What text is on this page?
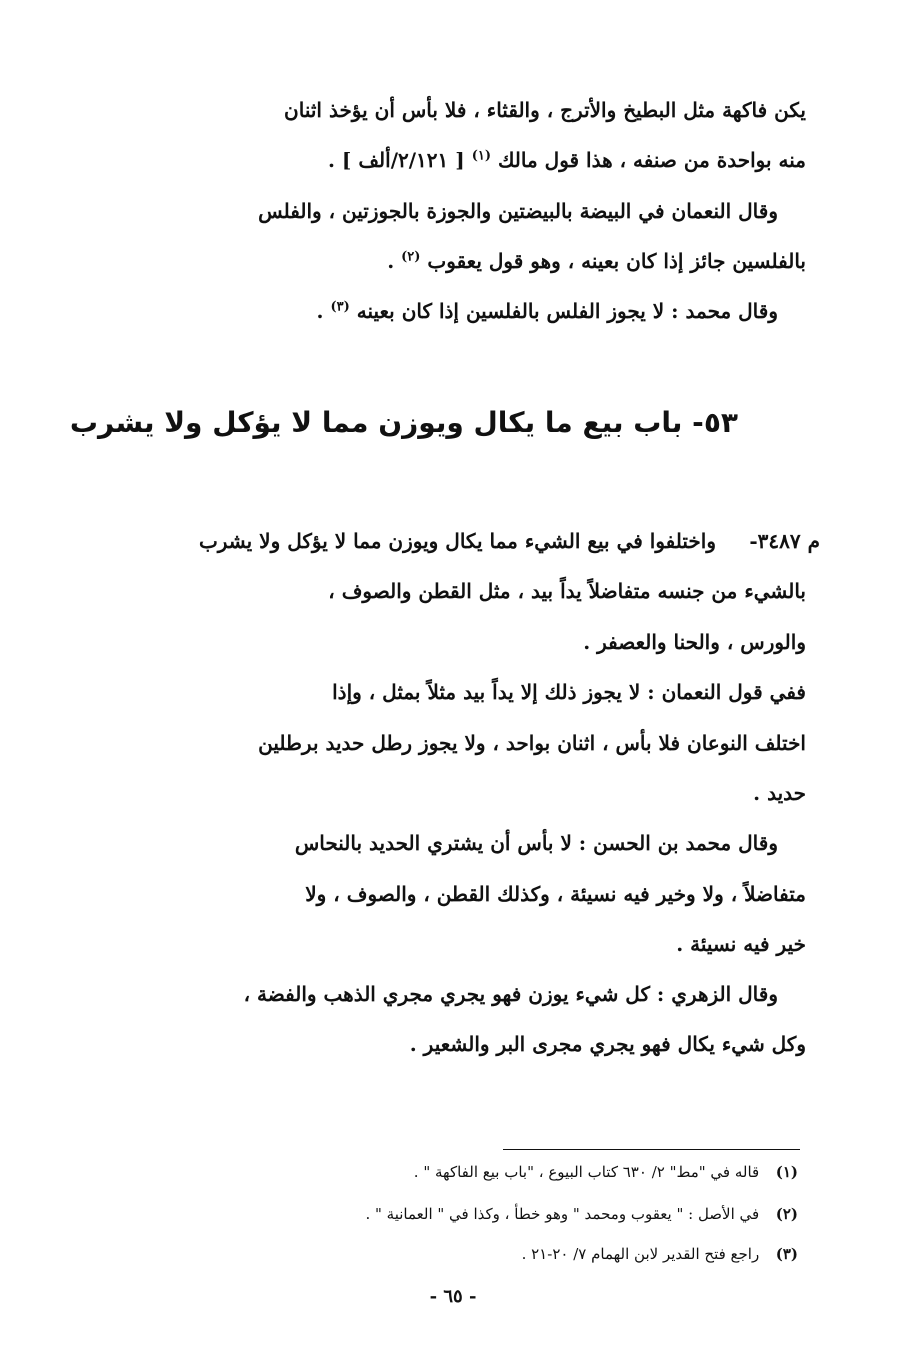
يكن فاكهة مثل البطيخ والأترج ، والقثاء ، فلا بأس أن يؤخذ اثنان
منه بواحدة من صنفه ، هذا قول مالك $^{(١)}$ [ ٢/١٢١/ألف ] .
وقال النعمان في البيضة بالبيضتين والجوزة بالجوزتين ، والفلس
بالفلسين جائز إذا كان بعينه ، وهو قول يعقوب $^{(٢)}$ .
وقال محمد : لا يجوز الفلس بالفلسين إذا كان بعينه $^{(٣)}$ .
٥٣- باب بيع ما يكال ويوزن مما لا يؤكل ولا يشرب
م ٣٤٨٧-
واختلفوا في بيع الشيء مما يكال ويوزن مما لا يؤكل ولا يشرب
بالشيء من جنسه متفاضلاً يداً بيد ، مثل القطن والصوف ،
والورس ، والحنا والعصفر .
ففي قول النعمان : لا يجوز ذلك إلا يداً بيد مثلاً بمثل ، وإذا
اختلف النوعان فلا بأس ، اثنان بواحد ، ولا يجوز رطل حديد برطلين
حديد .
وقال محمد بن الحسن : لا بأس أن يشتري الحديد بالنحاس
متفاضلاً ، ولا وخير فيه نسيئة ، وكذلك القطن ، والصوف ، ولا
خير فيه نسيئة .
وقال الزهري : كل شيء يوزن فهو يجري مجري الذهب والفضة ،
وكل شيء يكال فهو يجري مجرى البر والشعير .
(١) قاله في "مط" ٢/ ٦٣٠ كتاب البيوع ، "باب بيع الفاكهة " .
(٢) في الأصل : " يعقوب ومحمد " وهو خطأ ، وكذا في " العمانية " .
(٣) راجع فتح القدير لابن الهمام ٧/ ٢٠-٢١ .
- ٦٥ -
